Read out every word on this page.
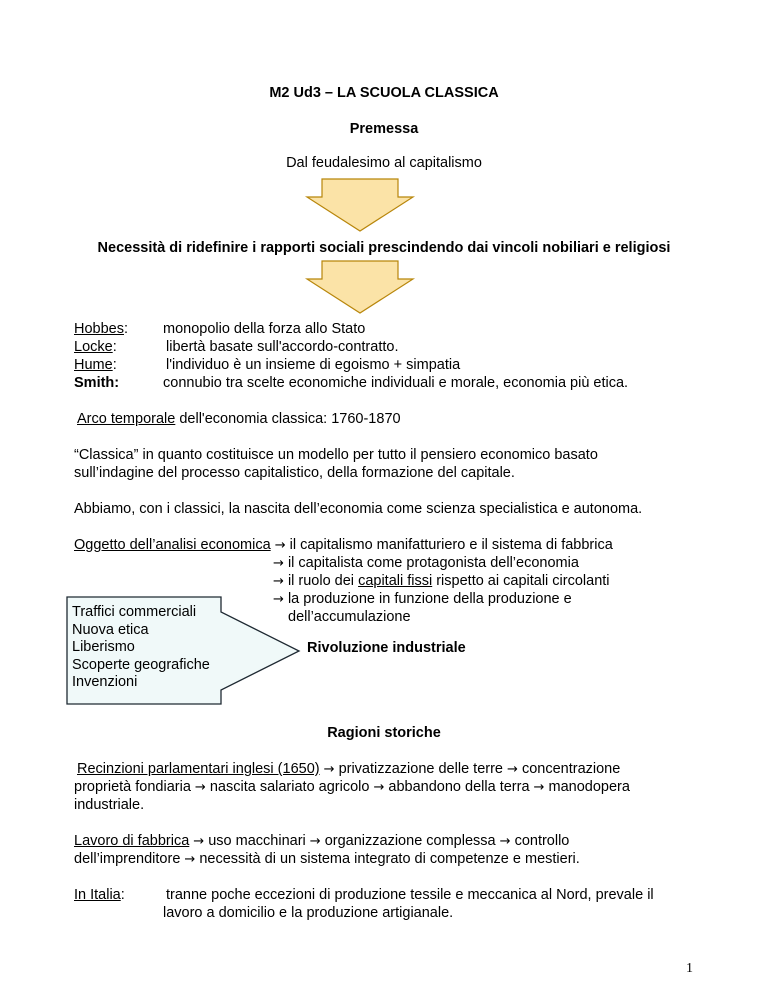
M2 Ud3 – LA SCUOLA CLASSICA
Premessa
Dal feudalesimo al capitalismo
Necessità di ridefinire i rapporti sociali prescindendo dai vincoli nobiliari e religiosi
Hobbes: monopolio della forza allo Stato
Locke:	libertà basate sull'accordo-contratto.
Hume:	l'individuo è un insieme di egoismo + simpatia
Smith:	connubio tra scelte economiche individuali e morale, economia più etica.
Arco temporale dell'economia classica: 1760-1870
“Classica” in quanto costituisce un modello per tutto il pensiero economico basato
sull’indagine del processo capitalistico, della formazione del capitale.
Abbiamo, con i classici, la nascita dell’economia come scienza specialistica e autonoma.
Oggetto dell’analisi economica → il capitalismo manifatturiero e il sistema di fabbrica
→ il capitalista come protagonista dell’economia
→ il ruolo dei capitali fissi rispetto ai capitali circolanti
→ la produzione in funzione della produzione e
dell’accumulazione
Traffici commerciali
Nuova etica
Liberismo
Scoperte geografiche
Invenzioni
Rivoluzione industriale
Ragioni storiche
Recinzioni parlamentari inglesi (1650) → privatizzazione delle terre → concentrazione
proprietà fondiaria → nascita salariato agricolo → abbandono della terra → manodopera
industriale.
Lavoro di fabbrica → uso macchinari → organizzazione complessa → controllo
dell’imprenditore → necessità di un sistema integrato di competenze e mestieri.
In Italia:	tranne poche eccezioni di produzione tessile e meccanica al Nord, prevale il
lavoro a domicilio e la produzione artigianale.
1
